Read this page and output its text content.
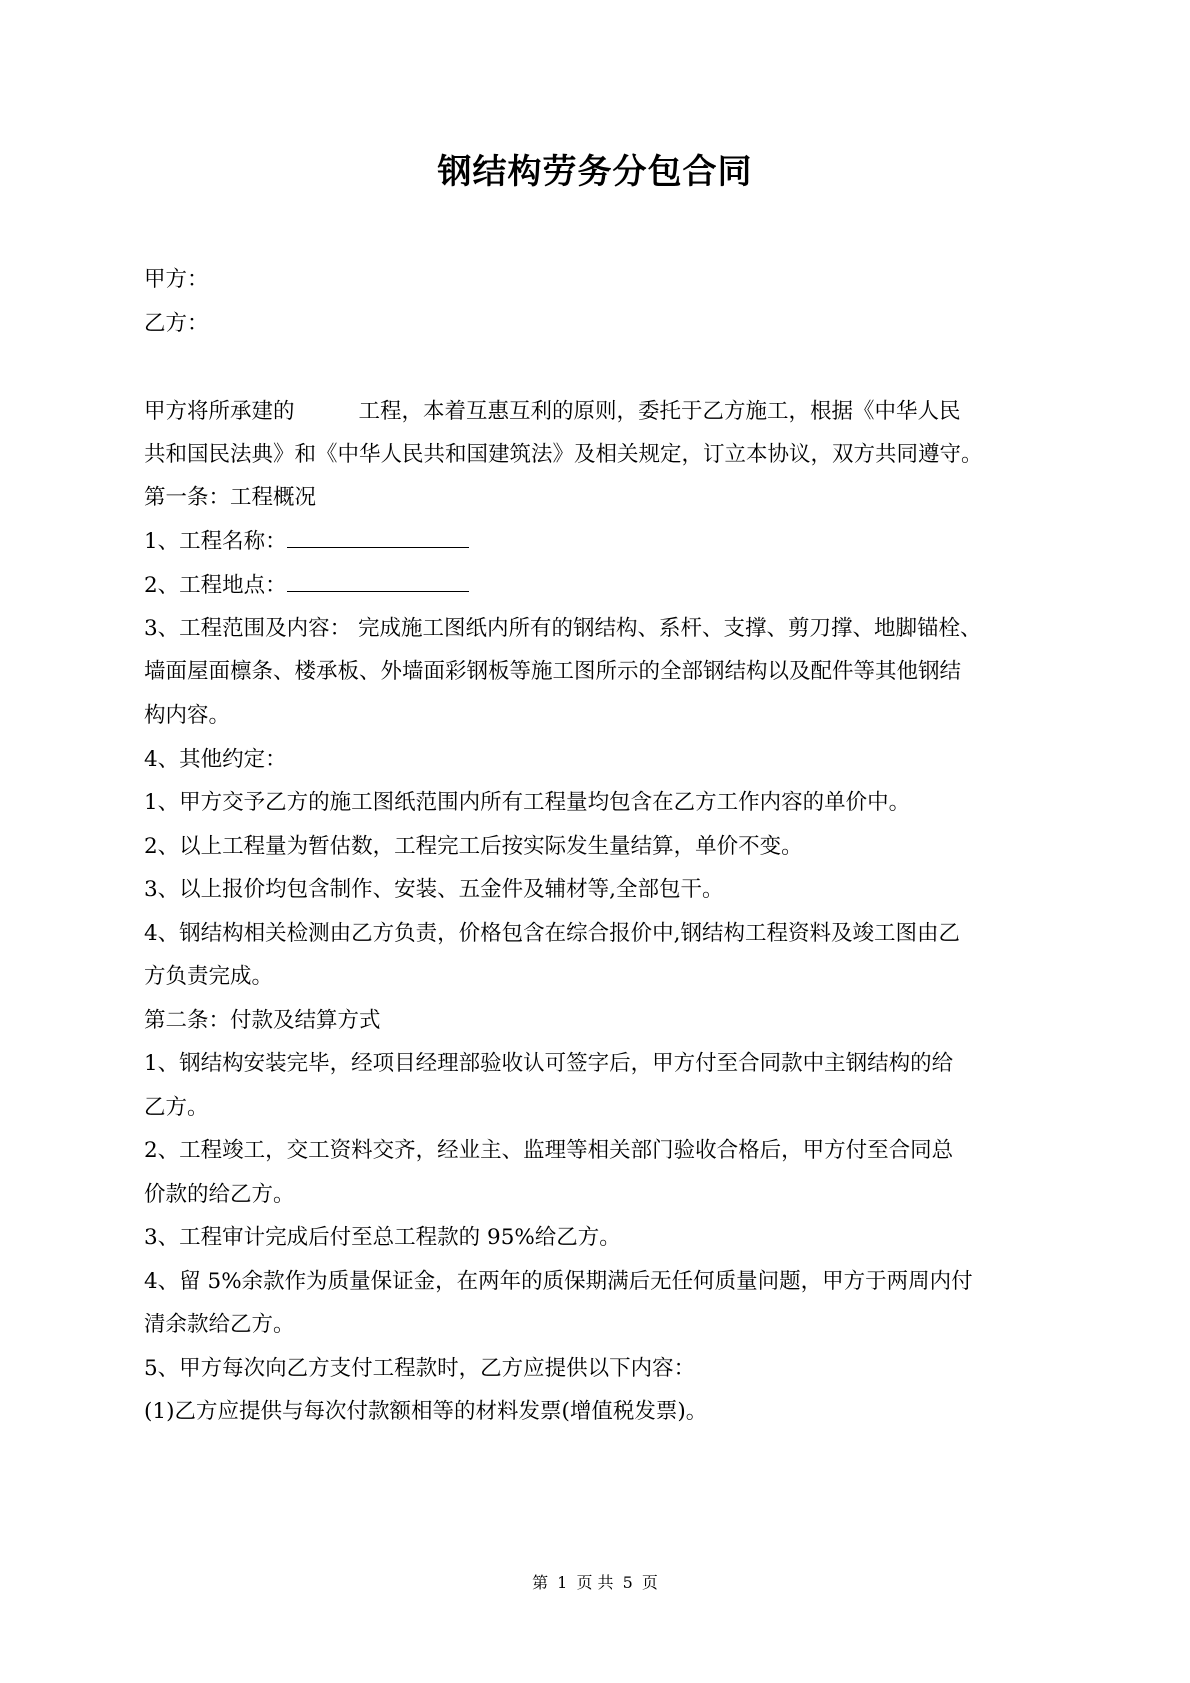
钢结构劳务分包合同
甲方：
乙方：
甲方将所承建的	工程，本着互惠互利的原则，委托于乙方施工，根据《中华人民
共和国民法典》和《中华人民共和国建筑法》及相关规定，订立本协议，双方共同遵守。
第一条：工程概况
1、工程名称：
2、工程地点：
3、工程范围及内容： 完成施工图纸内所有的钢结构、系杆、支撑、剪刀撑、地脚锚栓、
墙面屋面檩条、楼承板、外墙面彩钢板等施工图所示的全部钢结构以及配件等其他钢结
构内容。
4、其他约定：
1、甲方交予乙方的施工图纸范围内所有工程量均包含在乙方工作内容的单价中。
2、以上工程量为暂估数，工程完工后按实际发生量结算，单价不变。
3、以上报价均包含制作、安装、五金件及辅材等,全部包干。
4、钢结构相关检测由乙方负责，价格包含在综合报价中,钢结构工程资料及竣工图由乙
方负责完成。
第二条：付款及结算方式
1、钢结构安装完毕，经项目经理部验收认可签字后，甲方付至合同款中主钢结构的给
乙方。
2、工程竣工，交工资料交齐，经业主、监理等相关部门验收合格后，甲方付至合同总
价款的给乙方。
3、工程审计完成后付至总工程款的 95%给乙方。
4、留 5%余款作为质量保证金，在两年的质保期满后无任何质量问题，甲方于两周内付
清余款给乙方。
5、甲方每次向乙方支付工程款时，乙方应提供以下内容：
(1)乙方应提供与每次付款额相等的材料发票(增值税发票)。
第 1 页 共 5 页
